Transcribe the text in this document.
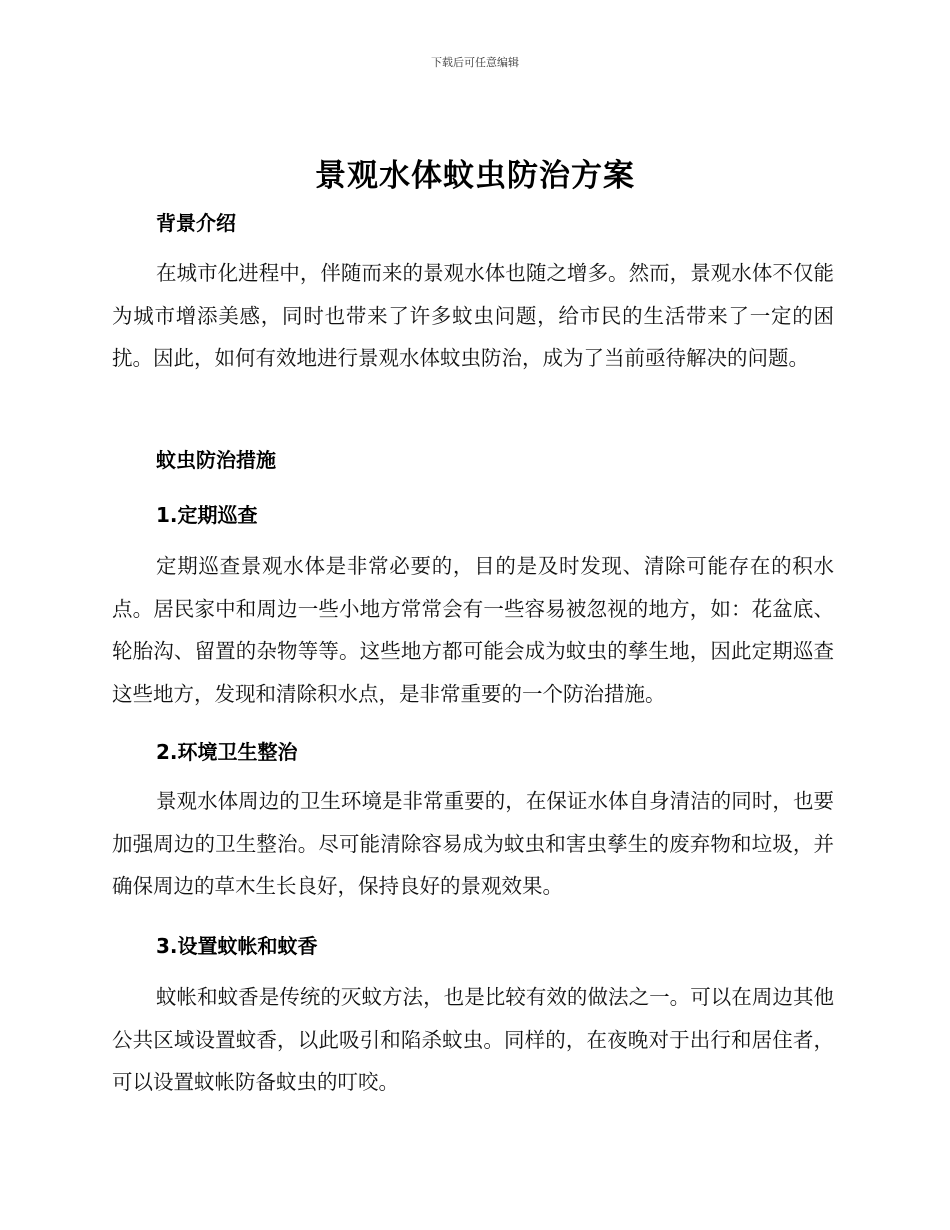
下载后可任意编辑
景观水体蚊虫防治方案
背景介绍

在城市化进程中，伴随而来的景观水体也随之增多。然而，景观水体不仅能为城市增添美感，同时也带来了许多蚊虫问题，给市民的生活带来了一定的困扰。因此，如何有效地进行景观水体蚊虫防治，成为了当前亟待解决的问题。

蚊虫防治措施
1.定期巡查

定期巡查景观水体是非常必要的，目的是及时发现、清除可能存在的积水点。居民家中和周边一些小地方常常会有一些容易被忽视的地方，如：花盆底、轮胎沟、留置的杂物等等。这些地方都可能会成为蚊虫的孳生地，因此定期巡查这些地方，发现和清除积水点，是非常重要的一个防治措施。

2.环境卫生整治

景观水体周边的卫生环境是非常重要的，在保证水体自身清洁的同时，也要加强周边的卫生整治。尽可能清除容易成为蚊虫和害虫孳生的废弃物和垃圾，并确保周边的草木生长良好，保持良好的景观效果。

3.设置蚊帐和蚊香

蚊帐和蚊香是传统的灭蚊方法，也是比较有效的做法之一。可以在周边其他公共区域设置蚊香，以此吸引和陷杀蚊虫。同样的，在夜晚对于出行和居住者，可以设置蚊帐防备蚊虫的叮咬。
